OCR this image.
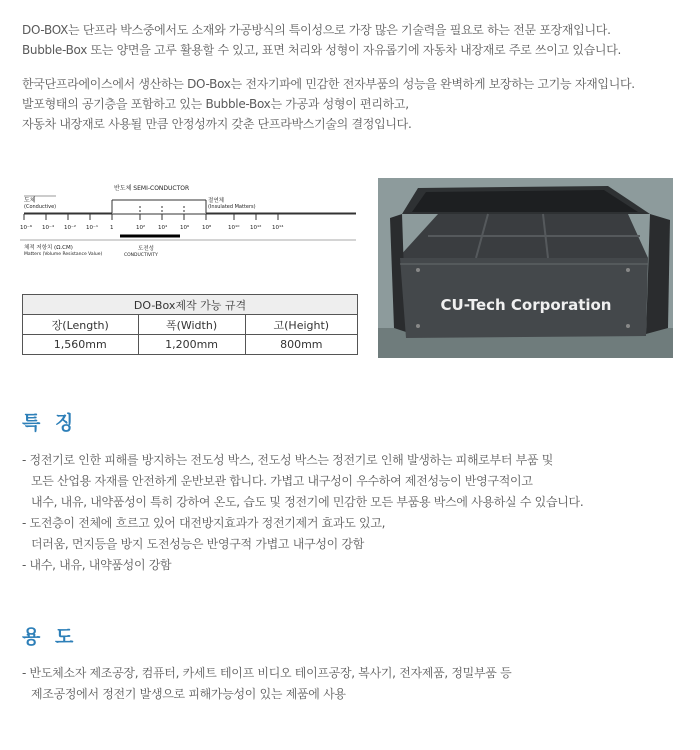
DO-BOX는 단프라 박스중에서도 소재와 가공방식의 특이성으로 가장 많은 기술력을 필요로 하는 전문 포장재입니다.
Bubble-Box 또는 양면을 고루 활용할 수 있고, 표면 처리와 성형이 자유롭기에 자동차 내장재로 주로 쓰이고 있습니다.

한국단프라에이스에서 생산하는 DO-Box는 전자기파에 민감한 전자부품의 성능을 완벽하게 보장하는 고기능 자재입니다.
발포형태의 공기층을 포함하고 있는 Bubble-Box는 가공과 성형이 편리하고,
자동차 내장재로 사용될 만큼 안정성까지 갖춘 단프라박스기술의 결정입니다.

도체
(Conductive)
반도체 SEMI-CONDUCTOR
절연체
(Insulated Matters)
10⁻⁶ 10⁻⁴ 10⁻² 10⁻¹ 1	10² 10⁴ 10⁶ 10⁸	10¹⁰ 10¹² 10¹⁴
체적 저항치 (Ω.CM)
Matters (Volume Resistance Value)
도전성
CONDUCTIVITY
DO-Box제작 가능 규격		
장(Length)	폭(Width)	고(Height)
1,560mm	1,200mm	800mm
CU-Tech Corporation
특 징
- 정전기로 인한 피해를 방지하는 전도성 박스, 전도성 박스는 정전기로 인해 발생하는 피해로부터 부품 및
모든 산업용 자재를 안전하게 운반보관 합니다. 가볍고 내구성이 우수하여 제전성능이 반영구적이고
내수, 내유, 내약품성이 특히 강하여 온도, 습도 및 정전기에 민감한 모든 부품용 박스에 사용하실 수 있습니다.
- 도전층이 전체에 흐르고 있어 대전방지효과가 정전기제거 효과도 있고,
더러움, 먼지등을 방지 도전성능은 반영구적 가볍고 내구성이 강함
- 내수, 내유, 내약품성이 강함
용 도
- 반도체소자 제조공장, 컴퓨터, 카세트 테이프 비디오 테이프공장, 복사기, 전자제품, 정밀부품 등
제조공정에서 정전기 발생으로 피해가능성이 있는 제품에 사용
